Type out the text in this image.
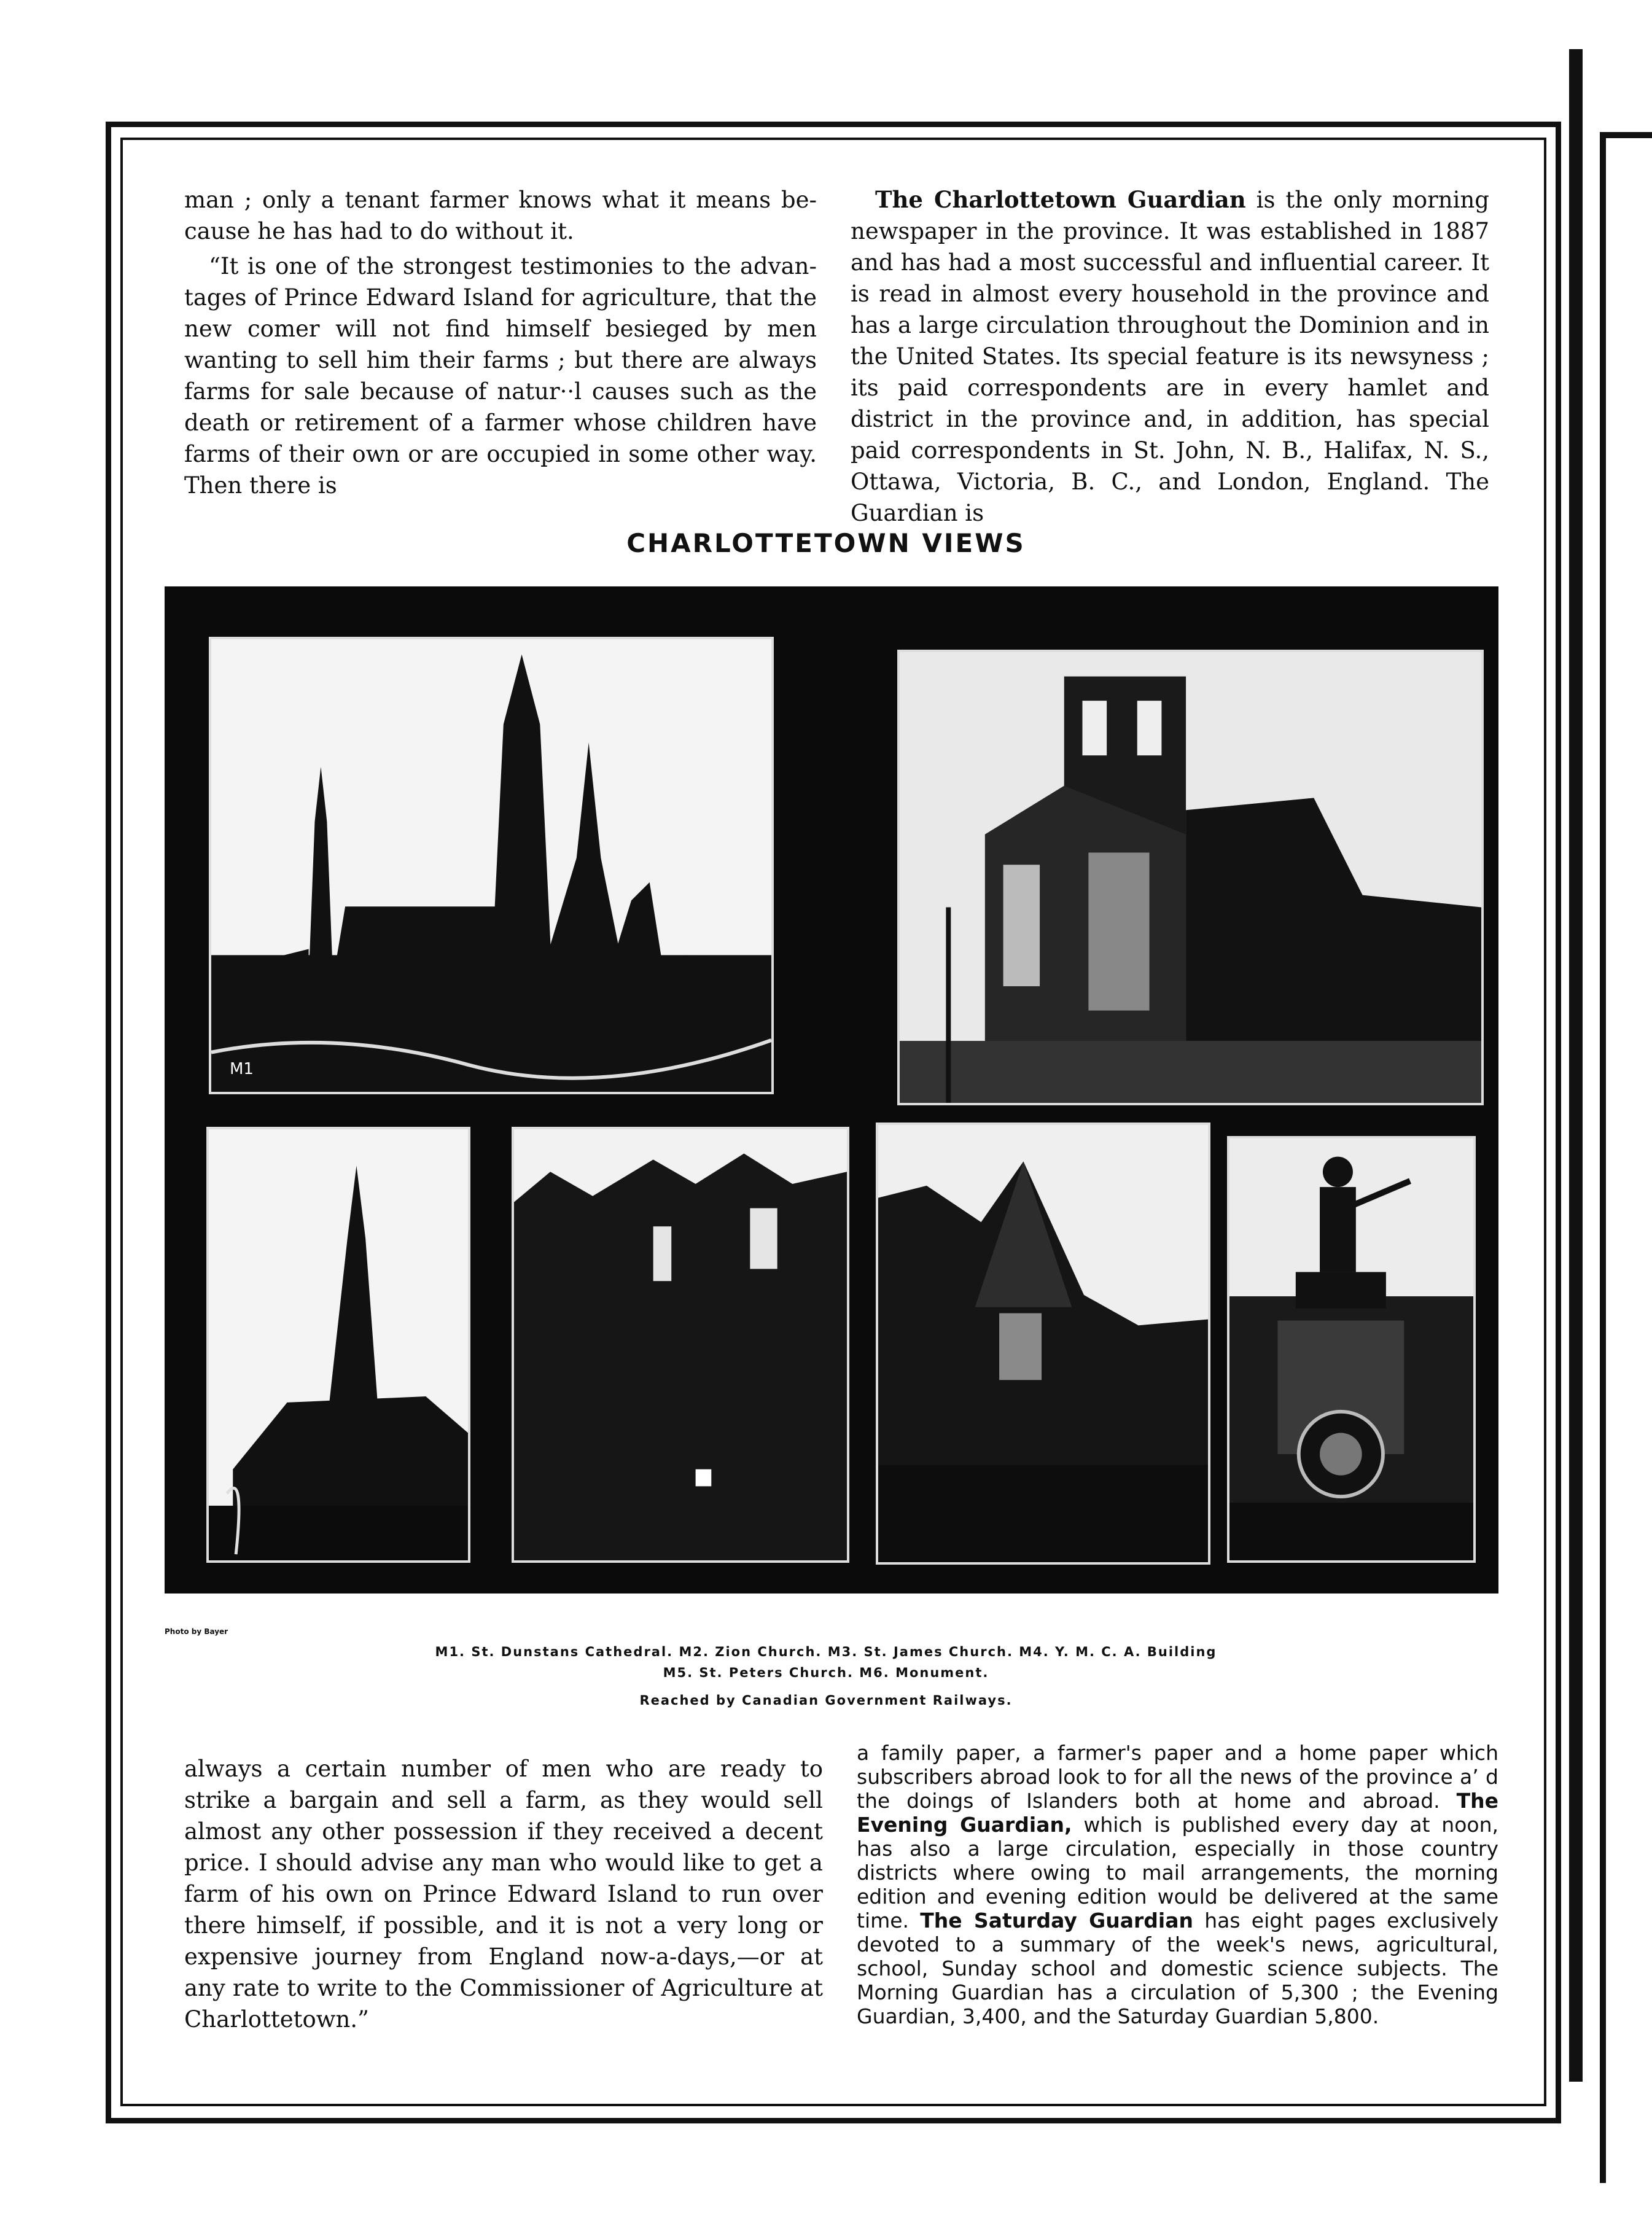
man ; only a tenant farmer knows what it means because he has had to do without it.

“It is one of the strongest testimonies to the advantages of Prince Edward Island for agriculture, that the new comer will not find himself besieged by men wanting to sell him their farms ; but there are always farms for sale because of natur··l causes such as the death or retirement of a farmer whose children have farms of their own or are occupied in some other way. Then there is

The Charlottetown Guardian is the only morning newspaper in the province. It was established in 1887 and has had a most successful and influential career. It is read in almost every household in the province and has a large circulation throughout the Dominion and in the United States. Its special feature is its newsyness ; its paid correspondents are in every hamlet and district in the province and, in addition, has special paid correspondents in St. John, N. B., Halifax, N. S., Ottawa, Victoria, B. C., and London, England. The Guardian is

CHARLOTTETOWN VIEWS
M1
Photo by Bayer
M1. St. Dunstans Cathedral. M2. Zion Church. M3. St. James Church. M4. Y. M. C. A. Building
M5. St. Peters Church. M6. Monument.
Reached by Canadian Government Railways.

always a certain number of men who are ready to strike a bargain and sell a farm, as they would sell almost any other possession if they received a decent price. I should advise any man who would like to get a farm of his own on Prince Edward Island to run over there himself, if possible, and it is not a very long or expensive journey from England now-a-days,—or at any rate to write to the Commissioner of Agriculture at Charlottetown.”

a family paper, a farmer's paper and a home paper which subscribers abroad look to for all the news of the province a’ d the doings of Islanders both at home and abroad. The Evening Guardian, which is published every day at noon, has also a large circulation, especially in those country districts where owing to mail arrangements, the morning edition and evening edition would be delivered at the same time. The Saturday Guardian has eight pages exclusively devoted to a summary of the week's news, agricultural, school, Sunday school and domestic science subjects. The Morning Guardian has a circulation of 5,300 ; the Evening Guardian, 3,400, and the Saturday Guardian 5,800.
